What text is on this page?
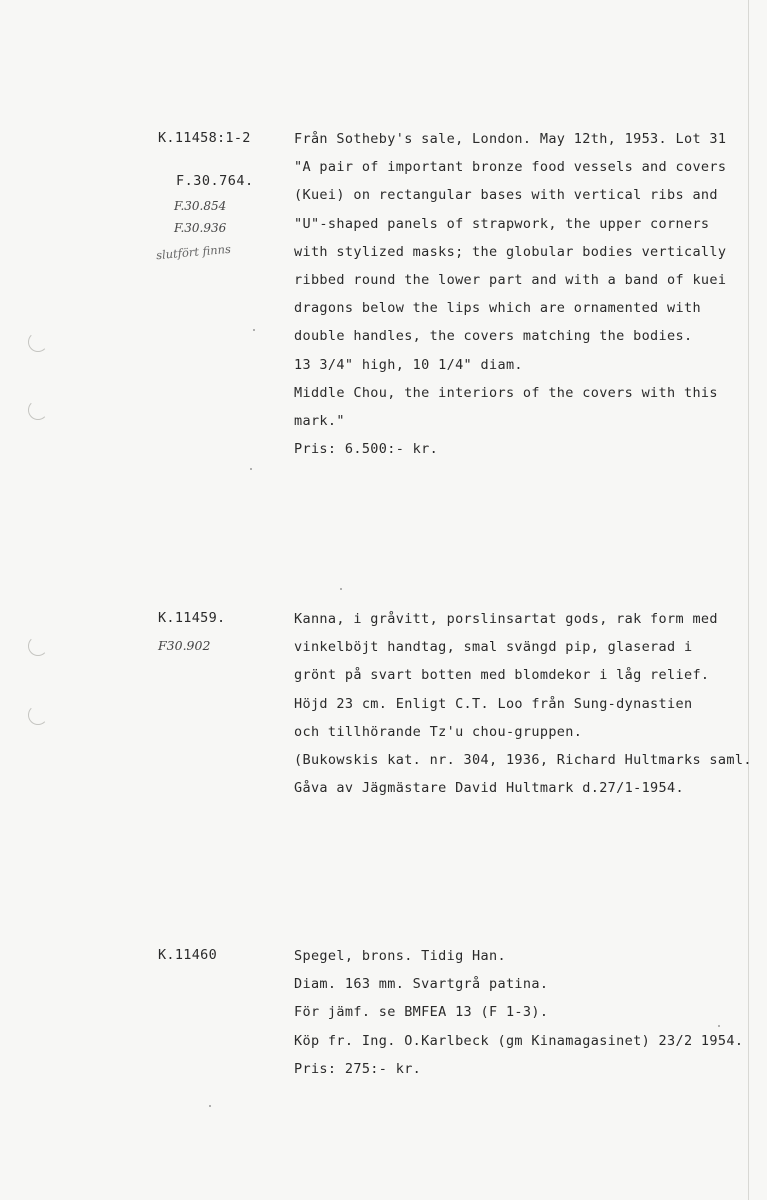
K.11458:1-2
F.30.764.
F.30.854
F.30.936
slutfört finns
Från Sotheby's sale, London. May 12th, 1953. Lot 31
"A pair of important bronze food vessels and covers
(Kuei) on rectangular bases with vertical ribs and
"U"-shaped panels of strapwork, the upper corners
with stylized masks; the globular bodies vertically
ribbed round the lower part and with a band of kuei
dragons below the lips which are ornamented with
double handles, the covers matching the bodies.
13 3/4" high, 10 1/4" diam.
Middle Chou, the interiors of the covers with this
mark."
Pris: 6.500:- kr.
K.11459.
F30.902
Kanna, i gråvitt, porslinsartat gods, rak form med
vinkelböjt handtag, smal svängd pip, glaserad i
grönt på svart botten med blomdekor i låg relief.
Höjd 23 cm. Enligt C.T. Loo från Sung-dynastien
och tillhörande Tz'u chou-gruppen.
(Bukowskis kat. nr. 304, 1936, Richard Hultmarks saml.
Gåva av Jägmästare David Hultmark d.27/1-1954.
K.11460	Spegel, brons. Tidig Han.
Diam. 163 mm. Svartgrå patina.
För jämf. se BMFEA 13 (F 1-3).
Köp fr. Ing. O.Karlbeck (gm Kinamagasinet) 23/2 1954.
Pris: 275:- kr.
